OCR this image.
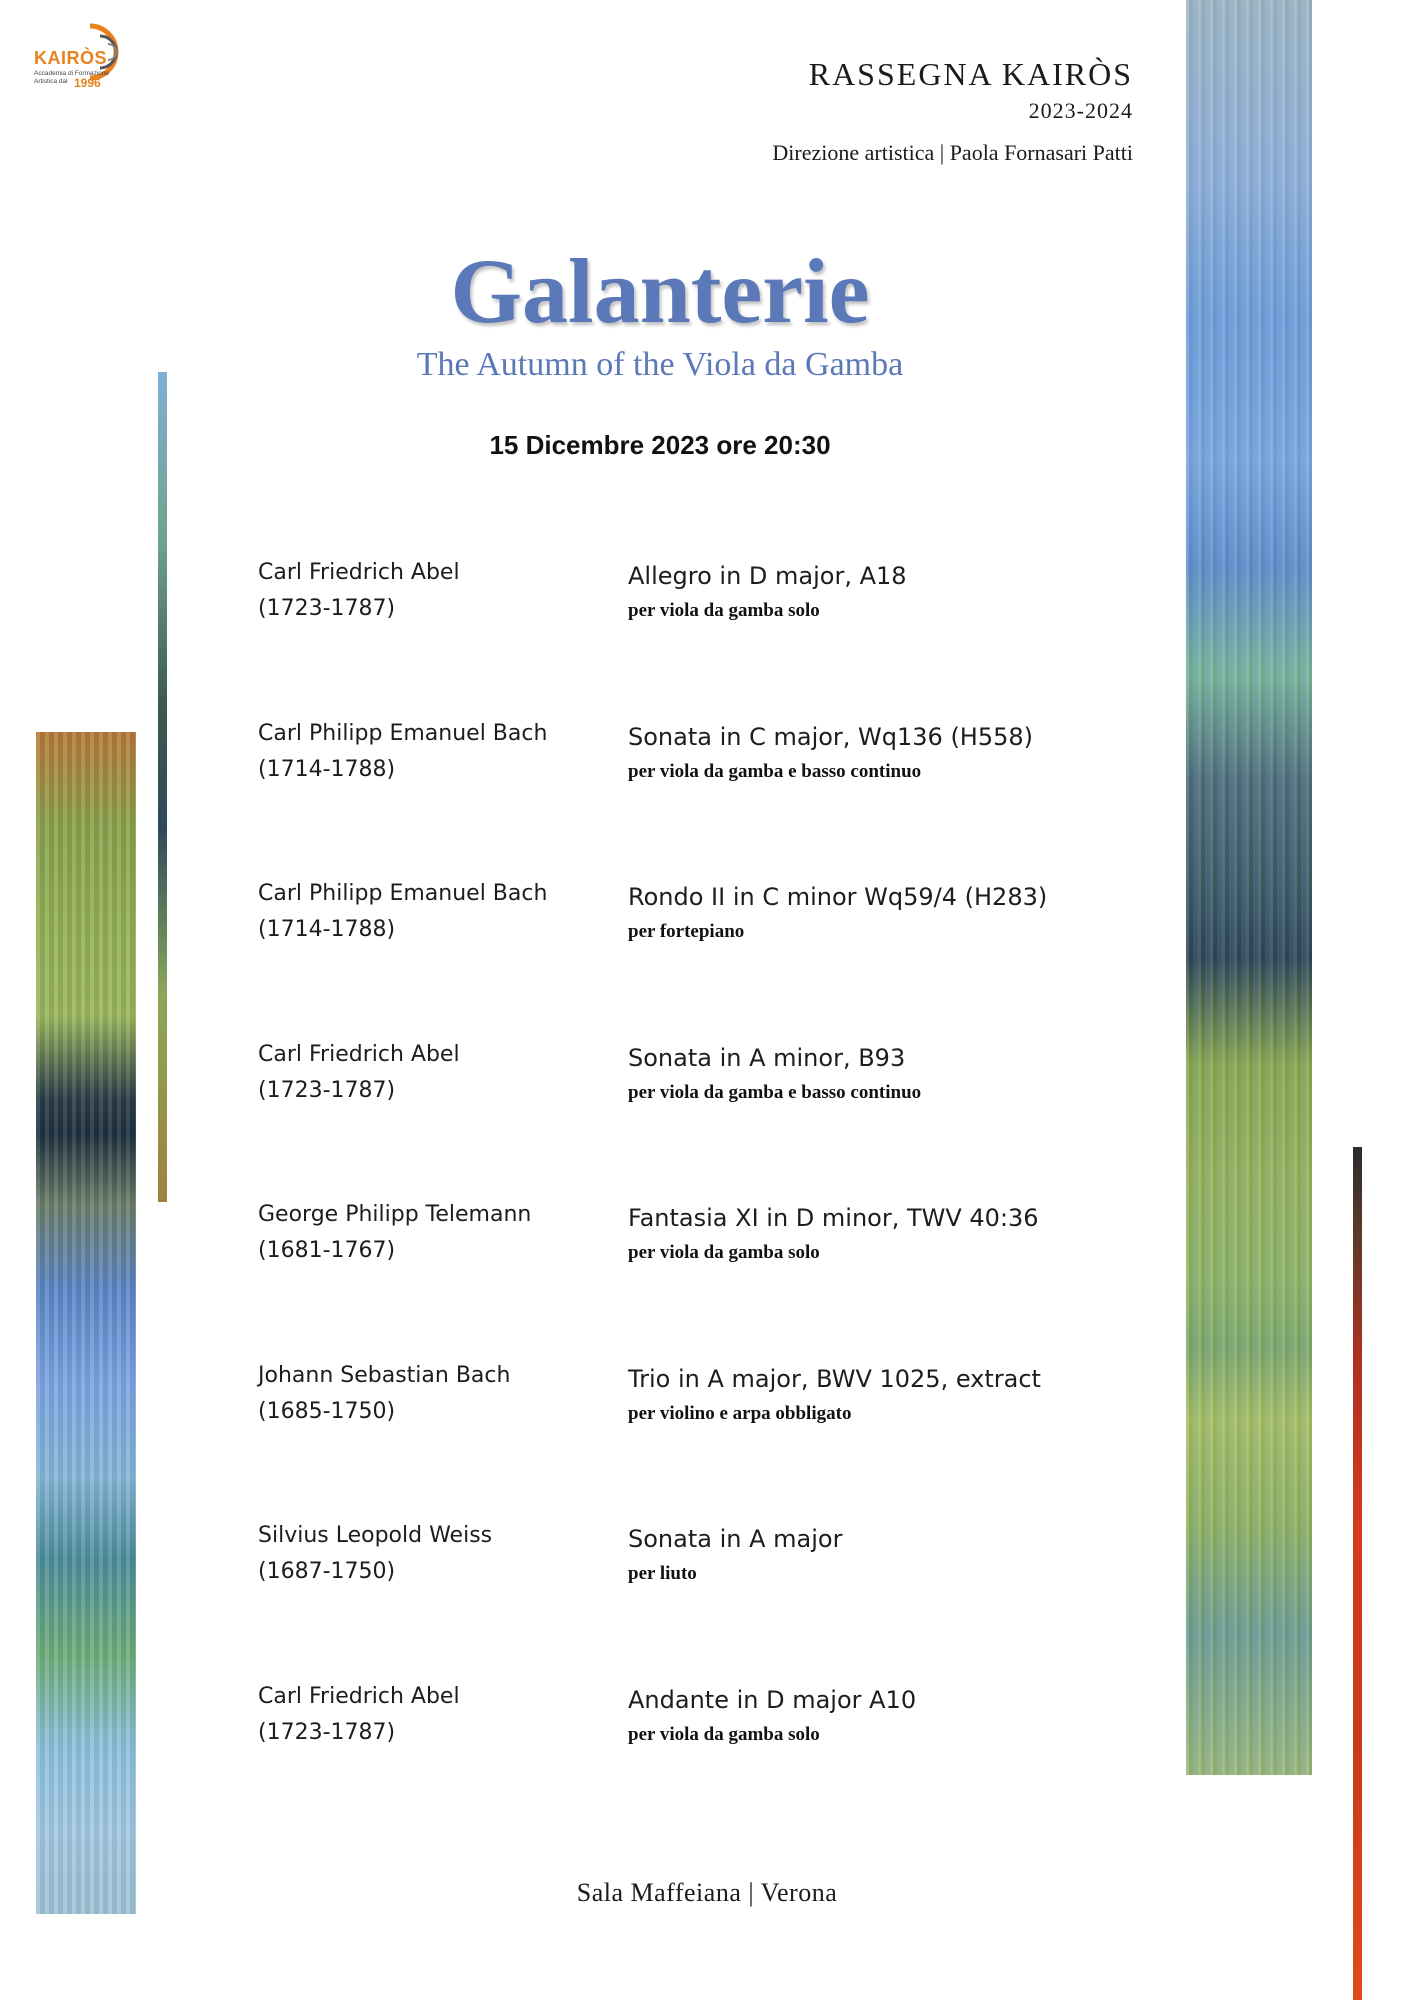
KAIRÒS
Accademia di Formazione Artistica dal 1996	RASSEGNA KAIRÒS
2023-2024
Direzione artistica | Paola Fornasari Patti
Galanterie
The Autumn of the Viola da Gamba
15 Dicembre 2023 ore 20:30
Carl Friedrich Abel
(1723-1787)
Allegro in D major, A18
per viola da gamba solo
Carl Philipp Emanuel Bach
(1714-1788)
Sonata in C major, Wq136 (H558)
per viola da gamba e basso continuo
Carl Philipp Emanuel Bach
(1714-1788)
Rondo II in C minor Wq59/4 (H283)
per fortepiano
Carl Friedrich Abel
(1723-1787)
Sonata in A minor, B93
per viola da gamba e basso continuo
George Philipp Telemann
(1681-1767)
Fantasia XI in D minor, TWV 40:36
per viola da gamba solo
Johann Sebastian Bach
(1685-1750)
Trio in A major, BWV 1025, extract
per violino e arpa obbligato
Silvius Leopold Weiss
(1687-1750)
Sonata in A major
per liuto
Carl Friedrich Abel
(1723-1787)
Andante in D major A10
per viola da gamba solo
Sala Maffeiana | Verona
